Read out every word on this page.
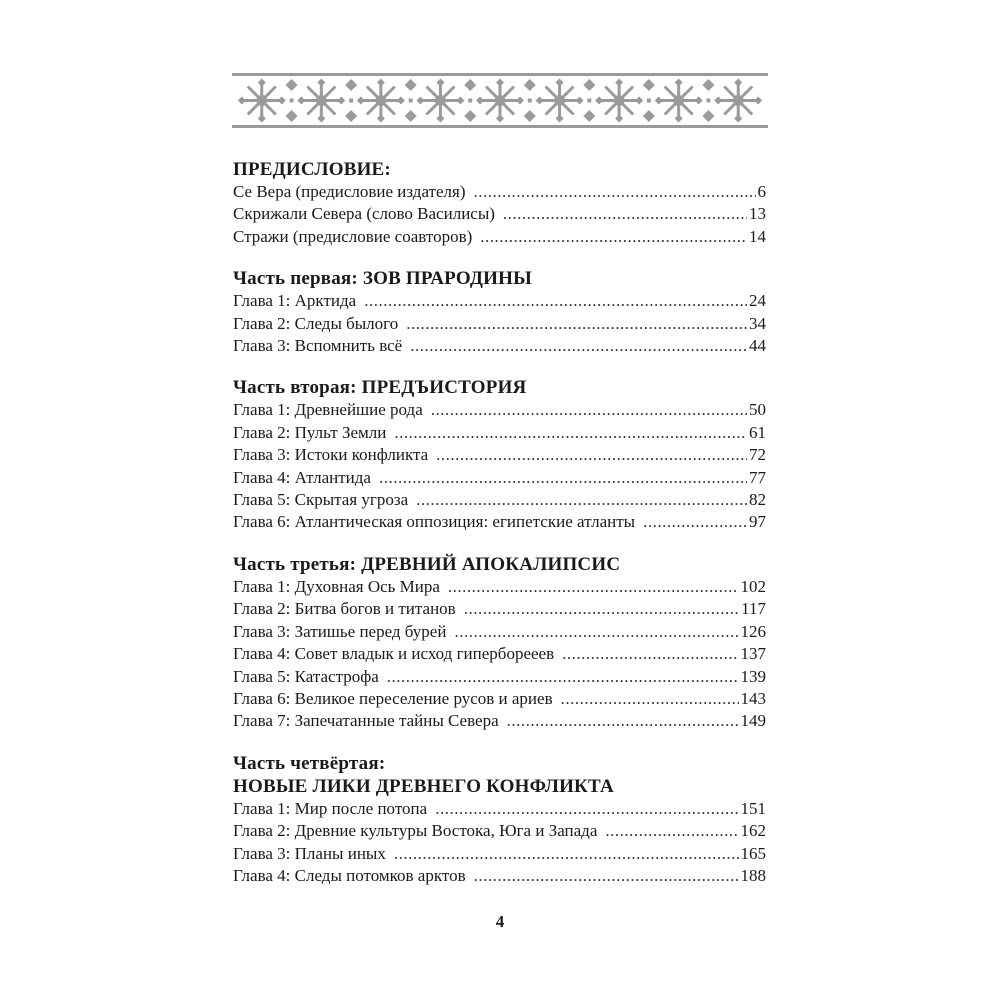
ПРЕДИСЛОВИЕ:
Се Вера (предисловие издателя) .....	6
Скрижали Севера (слово Василисы) .....	13
Стражи (предисловие соавторов) .....	14
Часть первая: ЗОВ ПРАРОДИНЫ
Глава 1: Арктида .....	24
Глава 2: Следы былого .....	34
Глава 3: Вспомнить всё .....	44
Часть вторая: ПРЕДЪИСТОРИЯ
Глава 1: Древнейшие рода .....	50
Глава 2: Пульт Земли .....	61
Глава 3: Истоки конфликта .....	72
Глава 4: Атлантида .....	77
Глава 5: Скрытая угроза .....	82
Глава 6: Атлантическая оппозиция: египетские атланты .....	97
Часть третья: ДРЕВНИЙ АПОКАЛИПСИС
Глава 1: Духовная Ось Мира .....	102
Глава 2: Битва богов и титанов .....	117
Глава 3: Затишье перед бурей .....	126
Глава 4: Совет владык и исход гиперборееев .....	137
Глава 5: Катастрофа .....	139
Глава 6: Великое переселение русов и ариев .....	143
Глава 7: Запечатанные тайны Севера .....	149
Часть четвёртая:
НОВЫЕ ЛИКИ ДРЕВНЕГО КОНФЛИКТА
Глава 1: Мир после потопа .....	151
Глава 2: Древние культуры Востока, Юга и Запада .....	162
Глава 3: Планы иных .....	165
Глава 4: Следы потомков арктов .....	188
4
